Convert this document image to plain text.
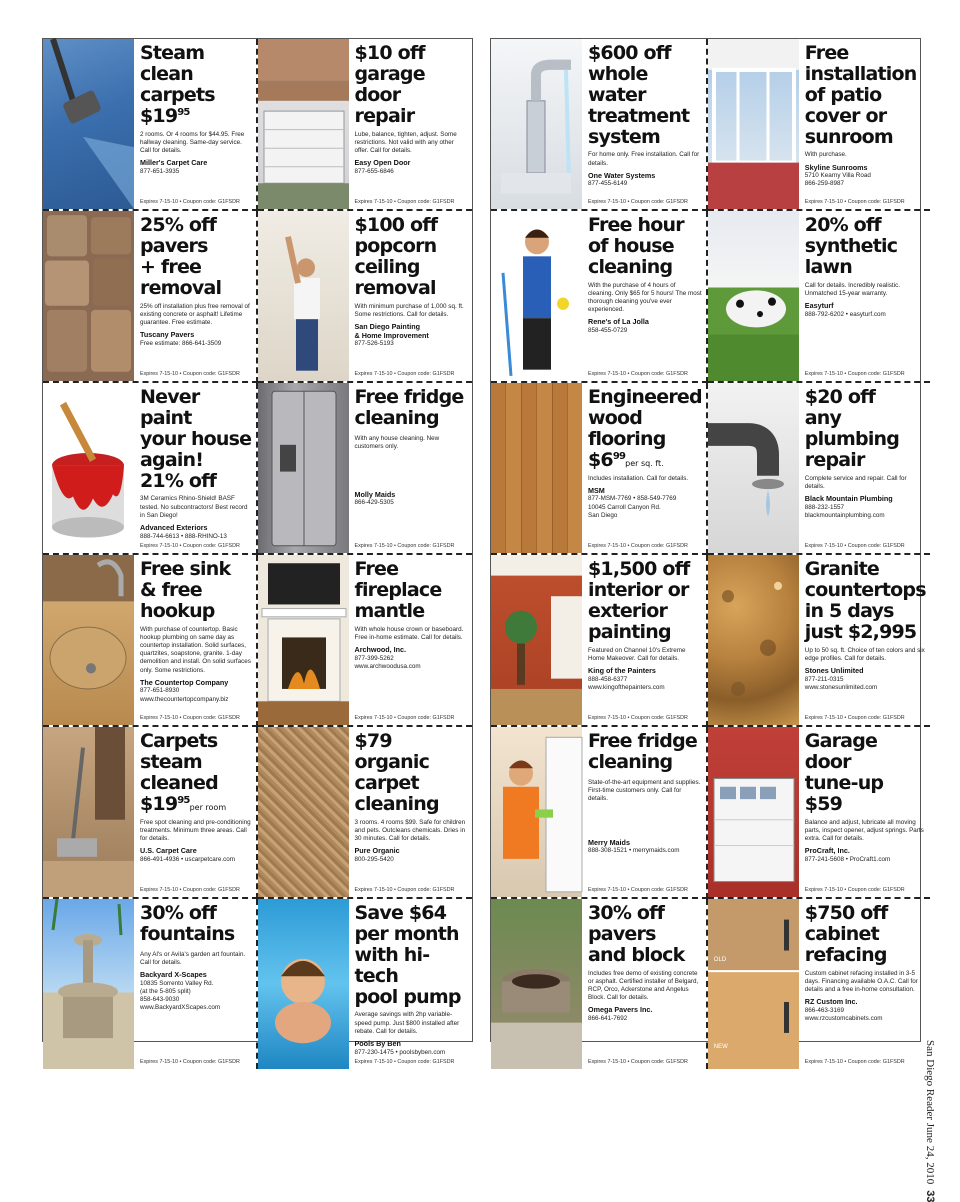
Steam
clean
carpets
$\$19^{95}$
2 rooms. Or 4 rooms for $44.95. Free hallway cleaning. Same-day service. Call for details.
Miller's Carpet Care
877-651-3935
Expires 7-15-10 • Coupon code: G1FSDR
$10 off
garage
door
repair
Lube, balance, tighten, adjust. Some restrictions. Not valid with any other offer. Call for details.
Easy Open Door
877-655-6846
Expires 7-15-10 • Coupon code: G1FSDR
25% off
pavers
+ free
removal
25% off installation plus free removal of existing concrete or asphalt! Lifetime guarantee. Free estimate.
Tuscany Pavers
Free estimate: 866-641-3509
Expires 7-15-10 • Coupon code: G1FSDR
$100 off
popcorn
ceiling
removal
With minimum purchase of 1,000 sq. ft. Some restrictions. Call for details.
San Diego Painting
& Home Improvement
877-526-5193
Expires 7-15-10 • Coupon code: G1FSDR
Never paint
your house
again!
21% off
3M Ceramics Rhino-Shield! BASF tested. No subcontractors! Best record in San Diego!
Advanced Exteriors
888-744-6613 • 888-RHINO-13
Expires 7-15-10 • Coupon code: G1FSDR
Free fridge
cleaning
With any house cleaning. New customers only.
Molly Maids
866-429-5305
Expires 7-15-10 • Coupon code: G1FSDR
Free sink
& free
hookup
With purchase of countertop. Basic hookup plumbing on same day as countertop installation. Solid surfaces, quartzites, soapstone, granite. 1-day demolition and install. On solid surfaces only. Some restrictions.
The Countertop Company
877-651-8930
www.thecountertopcompany.biz
Expires 7-15-10 • Coupon code: G1FSDR
Free
fireplace
mantle
With whole house crown or baseboard. Free in-home estimate. Call for details.
Archwood, Inc.
877-399-5262
www.archwoodusa.com
Expires 7-15-10 • Coupon code: G1FSDR
Carpets
steam
cleaned
$\$19^{95}per$ room
Free spot cleaning and pre-conditioning treatments. Minimum three areas. Call for details.
U.S. Carpet Care
866-491-4936 • uscarpetcare.com
Expires 7-15-10 • Coupon code: G1FSDR
$79
organic
carpet
cleaning
3 rooms. 4 rooms $99. Safe for children and pets. Outcleans chemicals. Dries in 30 minutes. Call for details.
Pure Organic
800-295-5420
Expires 7-15-10 • Coupon code: G1FSDR
30% off
fountains
Any Al's or Avila's garden art fountain. Call for details.
Backyard X-Scapes
10835 Sorrento Valley Rd.
(at the 5-805 split)
858-643-9030
www.BackyardXScapes.com
Expires 7-15-10 • Coupon code: G1FSDR
Save $64
per month
with hi-tech
pool pump
Average savings with 2hp variable-speed pump. Just $800 installed after rebate. Call for details.
Pools By Ben
877-230-1475 • poolsbyben.com
Expires 7-15-10 • Coupon code: G1FSDR
$600 off
whole
water
treatment
system
For home only. Free installation. Call for details.
One Water Systems
877-455-6149
Expires 7-15-10 • Coupon code: G1FSDR
Free
installation
of patio
cover or
sunroom
With purchase.
Skyline Sunrooms
5710 Kearny Villa Road
866-259-8987
Expires 7-15-10 • Coupon code: G1FSDR
Free hour
of house
cleaning
With the purchase of 4 hours of cleaning. Only $65 for 5 hours! The most thorough cleaning you've ever experienced.
Rene's of La Jolla
858-455-0729
Expires 7-15-10 • Coupon code: G1FSDR
20% off
synthetic
lawn
Call for details. Incredibly realistic. Unmatched 15-year warranty.
Easyturf
888-792-6202 • easyturf.com
Expires 7-15-10 • Coupon code: G1FSDR
Engineered
wood
flooring
$\$6^{99}per$ sq. ft.
Includes installation. Call for details.
MSM
877-MSM-7769 • 858-549-7769
10045 Carroll Canyon Rd.
San Diego
Expires 7-15-10 • Coupon code: G1FSDR
$20 off
any
plumbing
repair
Complete service and repair. Call for details.
Black Mountain Plumbing
888-232-1557
blackmountainplumbing.com
Expires 7-15-10 • Coupon code: G1FSDR
$1,500 off
interior or
exterior
painting
Featured on Channel 10's Extreme Home Makeover. Call for details.
King of the Painters
888-458-6377
www.kingofthepainters.com
Expires 7-15-10 • Coupon code: G1FSDR
Granite
countertops
in 5 days
just $2,995
Up to 50 sq. ft. Choice of ten colors and six edge profiles. Call for details.
Stones Unlimited
877-211-0315
www.stonesunlimited.com
Expires 7-15-10 • Coupon code: G1FSDR
Free fridge
cleaning
State-of-the-art equipment and supplies. First-time customers only. Call for details.
Merry Maids
888-308-1521 • merrymaids.com
Expires 7-15-10 • Coupon code: G1FSDR
Garage
door
tune-up
$59
Balance and adjust, lubricate all moving parts, inspect opener, adjust springs. Parts extra. Call for details.
ProCraft, Inc.
877-241-5608 • ProCraft1.com
Expires 7-15-10 • Coupon code: G1FSDR
30% off
pavers
and block
Includes free demo of existing concrete or asphalt. Certified installer of Belgard, RCP, Orco, Ackerstone and Angelus Block. Call for details.
Omega Pavers Inc.
866-641-7692
Expires 7-15-10 • Coupon code: G1FSDR
OLD
NEW
$750 off
cabinet
refacing
Custom cabinet refacing installed in 3-5 days. Financing available O.A.C. Call for details and a free in-home consultation.
RZ Custom Inc.
866-463-3169
www.rzcustomcabinets.com
Expires 7-15-10 • Coupon code: G1FSDR	San Diego Reader June 24, 201033
